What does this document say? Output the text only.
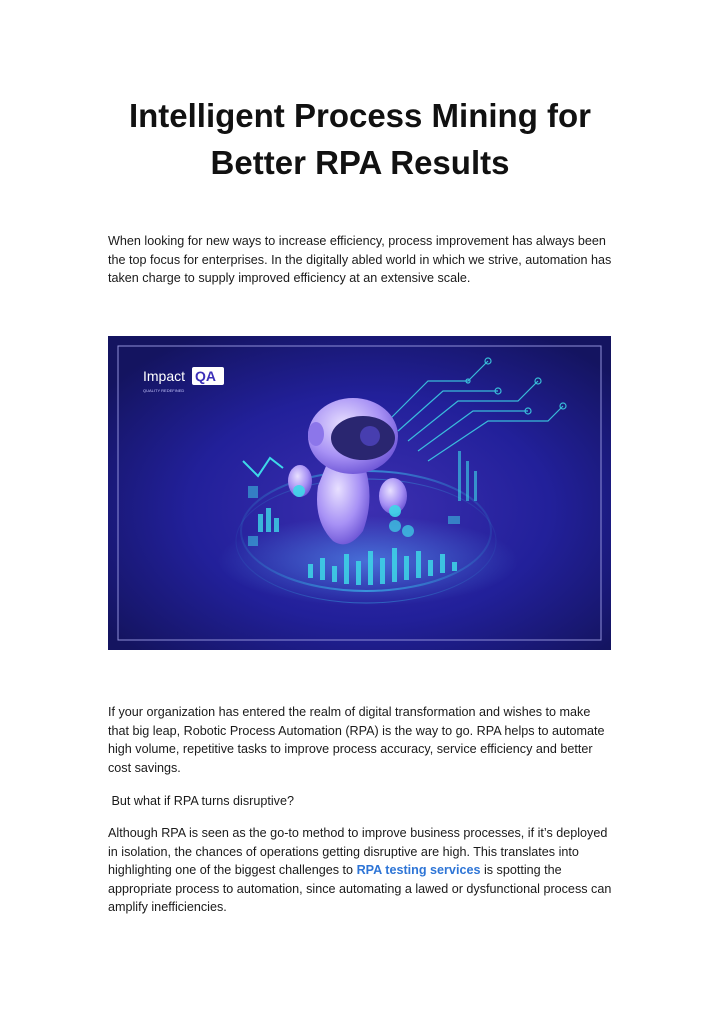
Intelligent Process Mining for
Better RPA Results

When looking for new ways to increase efficiency, process improvement has always been the top focus for enterprises. In the digitally abled world in which we strive, automation has taken charge to supply improved efficiency at an extensive scale.

Impact QA
QUALITY REDEFINED

If your organization has entered the realm of digital transformation and wishes to make that big leap, Robotic Process Automation (RPA) is the way to go. RPA helps to automate high volume, repetitive tasks to improve process accuracy, service efficiency and better cost savings.

But what if RPA turns disruptive?

Although RPA is seen as the go-to method to improve business processes, if it’s deployed in isolation, the chances of operations getting disruptive are high. This translates into highlighting one of the biggest challenges to RPA testing services is spotting the appropriate process to automation, since automating a lawed or dysfunctional process can amplify inefficiencies.
